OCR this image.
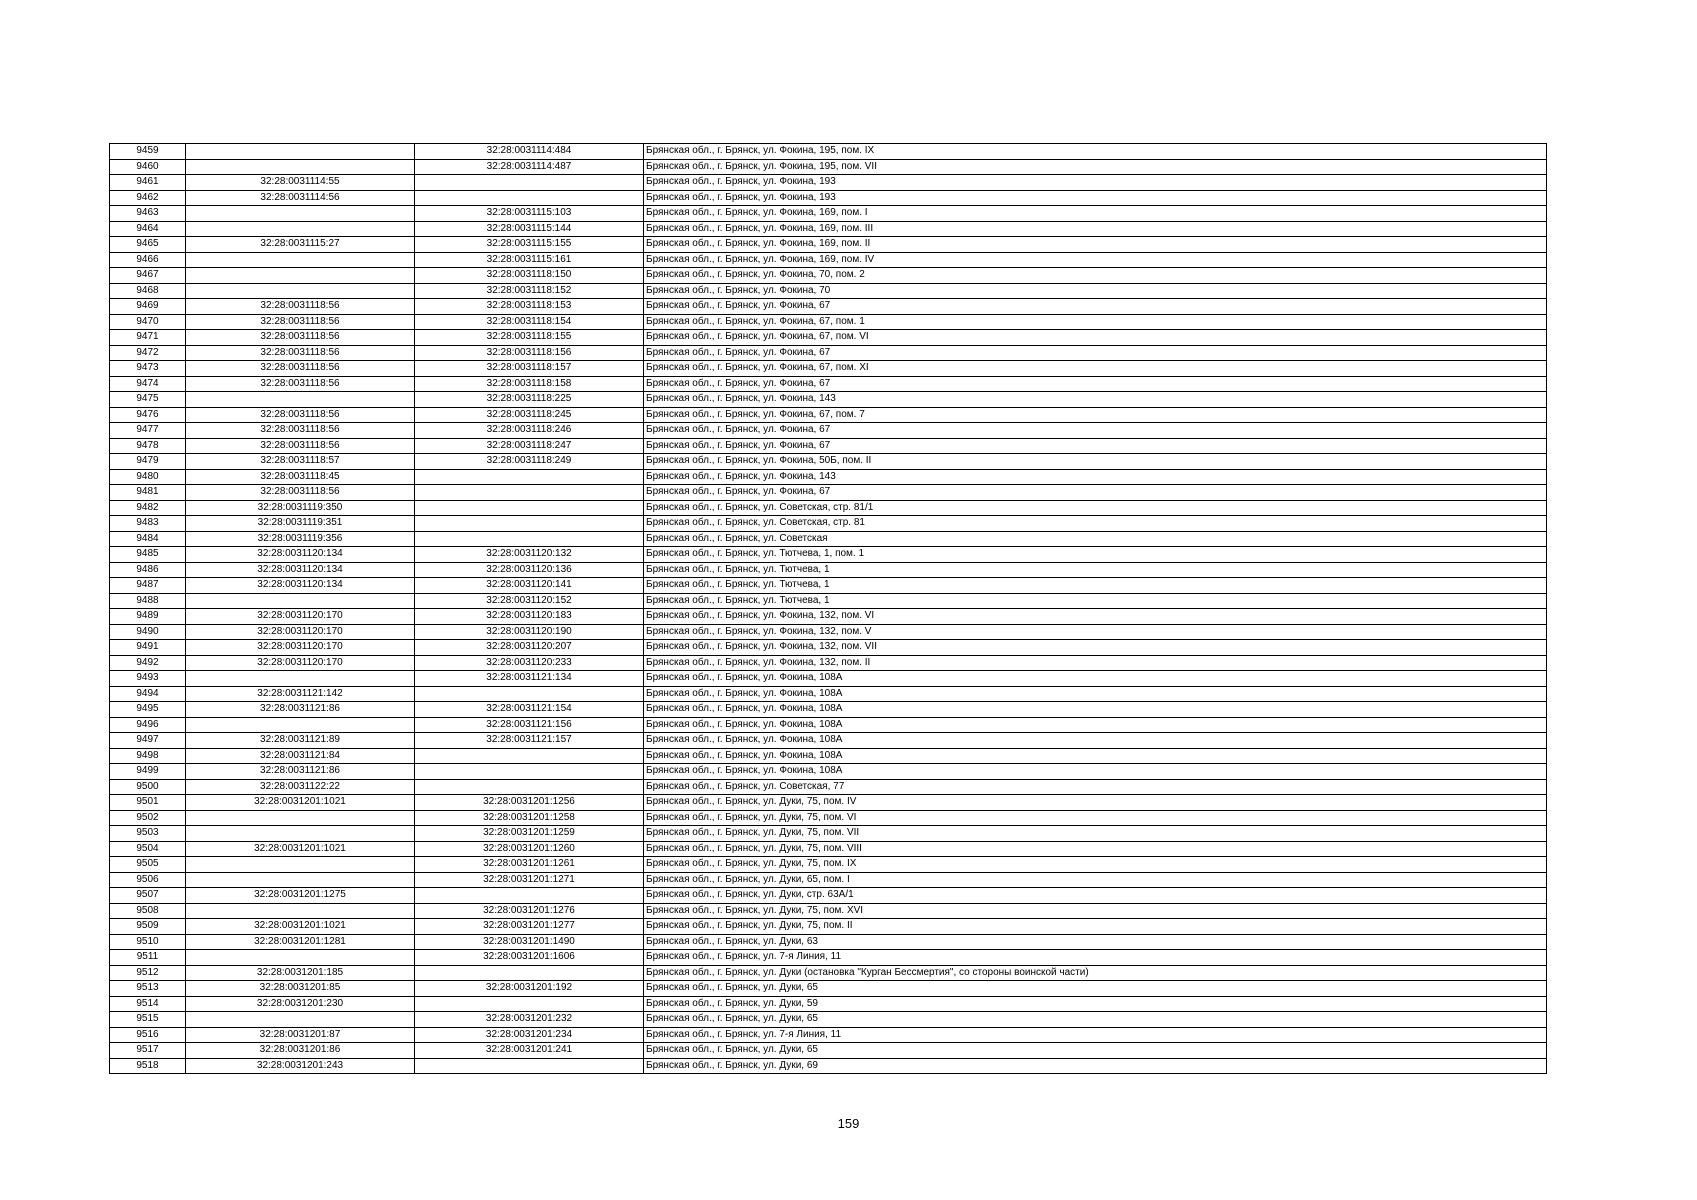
9459		32:28:0031114:484	Брянская обл., г. Брянск, ул. Фокина, 195, пом. IX
9460		32:28:0031114:487	Брянская обл., г. Брянск, ул. Фокина, 195, пом. VII
9461	32:28:0031114:55		Брянская обл., г. Брянск, ул. Фокина, 193
9462	32:28:0031114:56		Брянская обл., г. Брянск, ул. Фокина, 193
9463		32:28:0031115:103	Брянская обл., г. Брянск, ул. Фокина, 169, пом. I
9464		32:28:0031115:144	Брянская обл., г. Брянск, ул. Фокина, 169, пом. III
9465	32:28:0031115:27	32:28:0031115:155	Брянская обл., г. Брянск, ул. Фокина, 169, пом. II
9466		32:28:0031115:161	Брянская обл., г. Брянск, ул. Фокина, 169, пом. IV
9467		32:28:0031118:150	Брянская обл., г. Брянск, ул. Фокина, 70, пом. 2
9468		32:28:0031118:152	Брянская обл., г. Брянск, ул. Фокина, 70
9469	32:28:0031118:56	32:28:0031118:153	Брянская обл., г. Брянск, ул. Фокина, 67
9470	32:28:0031118:56	32:28:0031118:154	Брянская обл., г. Брянск, ул. Фокина, 67, пом. 1
9471	32:28:0031118:56	32:28:0031118:155	Брянская обл., г. Брянск, ул. Фокина, 67, пом. VI
9472	32:28:0031118:56	32:28:0031118:156	Брянская обл., г. Брянск, ул. Фокина, 67
9473	32:28:0031118:56	32:28:0031118:157	Брянская обл., г. Брянск, ул. Фокина, 67, пом. XI
9474	32:28:0031118:56	32:28:0031118:158	Брянская обл., г. Брянск, ул. Фокина, 67
9475		32:28:0031118:225	Брянская обл., г. Брянск, ул. Фокина, 143
9476	32:28:0031118:56	32:28:0031118:245	Брянская обл., г. Брянск, ул. Фокина, 67, пом. 7
9477	32:28:0031118:56	32:28:0031118:246	Брянская обл., г. Брянск, ул. Фокина, 67
9478	32:28:0031118:56	32:28:0031118:247	Брянская обл., г. Брянск, ул. Фокина, 67
9479	32:28:0031118:57	32:28:0031118:249	Брянская обл., г. Брянск, ул. Фокина, 50Б, пом. II
9480	32:28:0031118:45		Брянская обл., г. Брянск, ул. Фокина, 143
9481	32:28:0031118:56		Брянская обл., г. Брянск, ул. Фокина, 67
9482	32:28:0031119:350		Брянская обл., г. Брянск, ул. Советская, стр. 81/1
9483	32:28:0031119:351		Брянская обл., г. Брянск, ул. Советская, стр. 81
9484	32:28:0031119:356		Брянская обл., г. Брянск, ул. Советская
9485	32:28:0031120:134	32:28:0031120:132	Брянская обл., г. Брянск, ул. Тютчева, 1, пом. 1
9486	32:28:0031120:134	32:28:0031120:136	Брянская обл., г. Брянск, ул. Тютчева, 1
9487	32:28:0031120:134	32:28:0031120:141	Брянская обл., г. Брянск, ул. Тютчева, 1
9488		32:28:0031120:152	Брянская обл., г. Брянск, ул. Тютчева, 1
9489	32:28:0031120:170	32:28:0031120:183	Брянская обл., г. Брянск, ул. Фокина, 132, пом. VI
9490	32:28:0031120:170	32:28:0031120:190	Брянская обл., г. Брянск, ул. Фокина, 132, пом. V
9491	32:28:0031120:170	32:28:0031120:207	Брянская обл., г. Брянск, ул. Фокина, 132, пом. VII
9492	32:28:0031120:170	32:28:0031120:233	Брянская обл., г. Брянск, ул. Фокина, 132, пом. II
9493		32:28:0031121:134	Брянская обл., г. Брянск, ул. Фокина, 108А
9494	32:28:0031121:142		Брянская обл., г. Брянск, ул. Фокина, 108А
9495	32:28:0031121:86	32:28:0031121:154	Брянская обл., г. Брянск, ул. Фокина, 108А
9496		32:28:0031121:156	Брянская обл., г. Брянск, ул. Фокина, 108А
9497	32:28:0031121:89	32:28:0031121:157	Брянская обл., г. Брянск, ул. Фокина, 108А
9498	32:28:0031121:84		Брянская обл., г. Брянск, ул. Фокина, 108А
9499	32:28:0031121:86		Брянская обл., г. Брянск, ул. Фокина, 108А
9500	32:28:0031122:22		Брянская обл., г. Брянск, ул. Советская, 77
9501	32:28:0031201:1021	32:28:0031201:1256	Брянская обл., г. Брянск, ул. Дуки, 75, пом. IV
9502		32:28:0031201:1258	Брянская обл., г. Брянск, ул. Дуки, 75, пом. VI
9503		32:28:0031201:1259	Брянская обл., г. Брянск, ул. Дуки, 75, пом. VII
9504	32:28:0031201:1021	32:28:0031201:1260	Брянская обл., г. Брянск, ул. Дуки, 75, пом. VIII
9505		32:28:0031201:1261	Брянская обл., г. Брянск, ул. Дуки, 75, пом. IX
9506		32:28:0031201:1271	Брянская обл., г. Брянск, ул. Дуки, 65, пом. I
9507	32:28:0031201:1275		Брянская обл., г. Брянск, ул. Дуки, стр. 63А/1
9508		32:28:0031201:1276	Брянская обл., г. Брянск, ул. Дуки, 75, пом. XVI
9509	32:28:0031201:1021	32:28:0031201:1277	Брянская обл., г. Брянск, ул. Дуки, 75, пом. II
9510	32:28:0031201:1281	32:28:0031201:1490	Брянская обл., г. Брянск, ул. Дуки, 63
9511		32:28:0031201:1606	Брянская обл., г. Брянск, ул. 7-я Линия, 11
9512	32:28:0031201:185		Брянская обл., г. Брянск, ул. Дуки (остановка "Курган Бессмертия", со стороны воинской части)
9513	32:28:0031201:85	32:28:0031201:192	Брянская обл., г. Брянск, ул. Дуки, 65
9514	32:28:0031201:230		Брянская обл., г. Брянск, ул. Дуки, 59
9515		32:28:0031201:232	Брянская обл., г. Брянск, ул. Дуки, 65
9516	32:28:0031201:87	32:28:0031201:234	Брянская обл., г. Брянск, ул. 7-я Линия, 11
9517	32:28:0031201:86	32:28:0031201:241	Брянская обл., г. Брянск, ул. Дуки, 65
9518	32:28:0031201:243		Брянская обл., г. Брянск, ул. Дуки, 69
159
